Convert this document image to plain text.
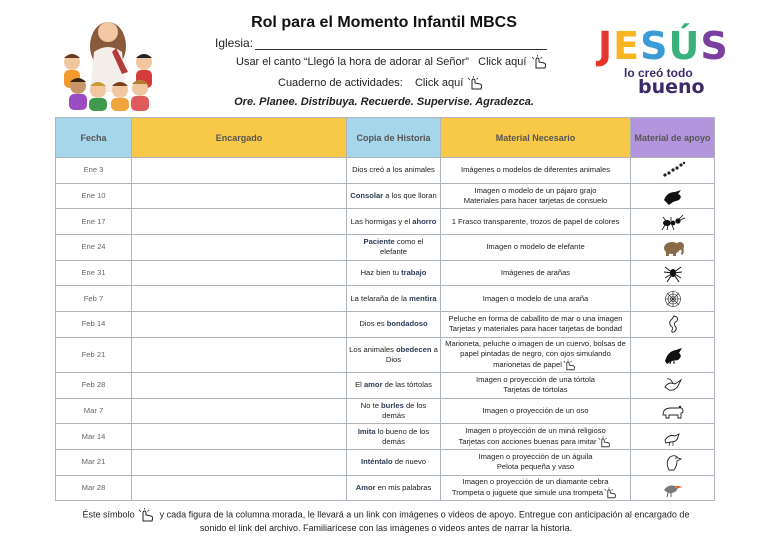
Rol para el Momento Infantil MBCS
Iglesia:
Usar el canto “Llegó la hora de adorar al Señor” Click aquí
Cuaderno de actividades: Click aquí
Ore. Planee. Distribuya. Recuerde. Supervise. Agradezca.
JESÚS
lo creó todo
bueno
Fecha	Encargado	Copia de Historia	Material Necesario	Material de apoyo
Ene 3		Dios creó a los animales	Imágenes o modelos de diferentes animales	

Ene 10		Consolar a los que lloran	Imagen o modelo de un pájaro grajo
Materiales para hacer tarjetas de consuelo	

Ene 17		Las hormigas y el ahorro	1 Frasco transparente, trozos de papel de colores	

Ene 24		Paciente como el elefante	Imagen o modelo de elefante	

Ene 31		Haz bien tu trabajo	Imágenes de arañas	

Feb 7		La telaraña de la mentira	Imagen o modelo de una araña	

Feb 14		Dios es bondadoso	Peluche en forma de caballito de mar o una imagen
Tarjetas y materiales para hacer tarjetas de bondad	

Feb 21		Los animales obedecen a Dios	Marioneta, peluche o imagen de un cuervo, bolsas de
papel pintadas de negro, con ojos simulando
marionetas de papel	

Feb 28		El amor de las tórtolas	Imagen o proyección de una tórtola
Tarjetas de tórtolas	

Mar 7		No te burles de los demás	Imagen o proyección de un oso	

Mar 14		Imita lo bueno de los demás	Imagen o proyección de un miná religioso
Tarjetas con acciones buenas para imitar	

Mar 21		Inténtalo de nuevo	Imagen o proyección de un águila
Pelota pequeña y vaso	

Mar 28		Amor en mis palabras	Imagen o proyección de un diamante cebra
Trompeta o juguete que simule una trompeta	
Éste símbolo	y cada figura de la columna morada, le llevará a un link con imágenes o videos de apoyo. Entregue con anticipación al encargado de sonido el link del archivo. Familiarícese con las imágenes o videos antes de narrar la historia.
